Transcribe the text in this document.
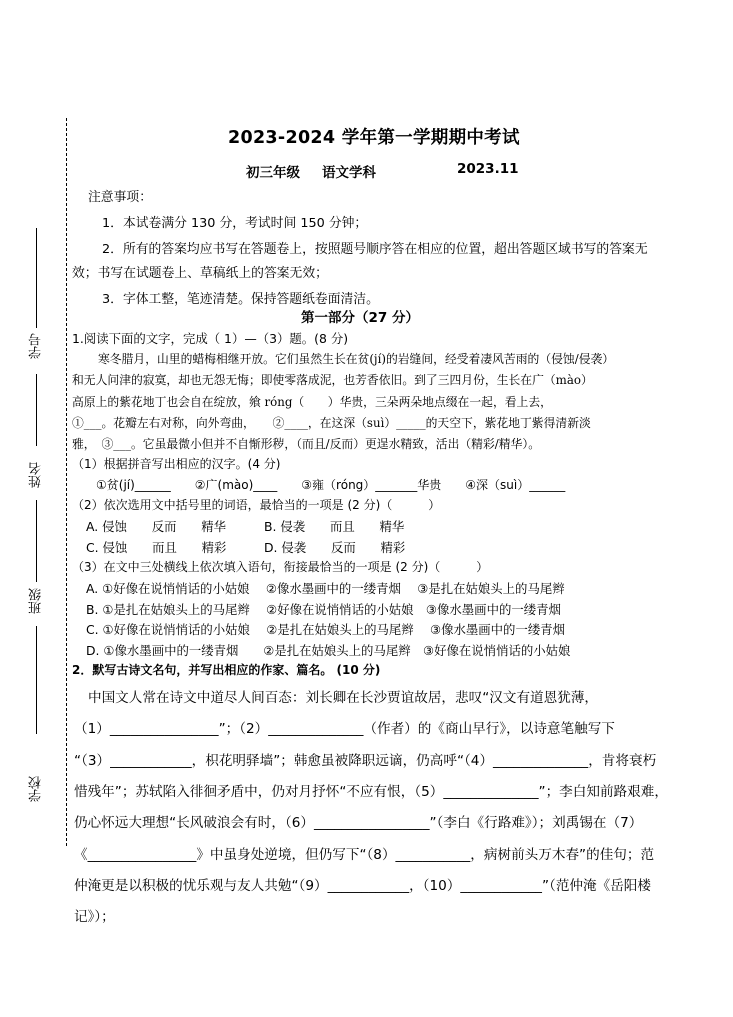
学号
姓名
班级
学校
2023-2024 学年第一学期期中考试
初三年级 语文学科	2023.11
注意事项：
1．本试卷满分 130 分，考试时间 150 分钟；
2．所有的答案均应书写在答题卷上，按照题号顺序答在相应的位置，超出答题区域书写的答案无
效；书写在试题卷上、草稿纸上的答案无效；
3．字体工整，笔迹清楚。保持答题纸卷面清洁。
第一部分（27 分）
1.阅读下面的文字，完成（ 1）—（3）题。(8 分)
寒冬腊月，山里的蜡梅相继开放。它们虽然生长在贫(jí)的岩缝间，经受着凄风苦雨的（侵蚀/侵袭）
和无人问津的寂寞，却也无怨无悔；即使零落成泥，也芳香依旧。到了三四月份，生长在广（mào）
高原上的紫花地丁也会自在绽放，飨 róng（　　）华贵，三朵两朵地点缀在一起，看上去，
①___。花瓣左右对称，向外弯曲，　　②____，在这深（suì）_____的天空下，紫花地丁紫得清新淡
雅，　③___。它虽最微小但并不自惭形秽，（而且/反而）更逞水精致，活出（精彩/精华）。
（1）根据拼音写出相应的汉字。(4 分)
①贫(jí)______　　②广(mào)____　　③雍（róng）_______华贵　　④深（suì）______
（2）依次选用文中括号里的词语，最恰当的一项是 (2 分)（　　　）
A. 侵蚀　　反而　　精华	B. 侵袭　　而且　　精华
C. 侵蚀　　而且　　精彩	D. 侵袭　　反而　　精彩
（3）在文中三处横线上依次填入语句，衔接最恰当的一项是 (2 分)（　　　）
A. ①好像在说悄悄话的小姑娘　 ②像水墨画中的一缕青烟　 ③是扎在姑娘头上的马尾辫
B. ①是扎在姑娘头上的马尾辫　 ②好像在说悄悄话的小姑娘　③像水墨画中的一缕青烟
C. ①好像在说悄悄话的小姑娘　 ②是扎在姑娘头上的马尾辫　 ③像水墨画中的一缕青烟
D. ①像水墨画中的一缕青烟　　②是扎在姑娘头上的马尾辫　③好像在说悄悄话的小姑娘
2．默写古诗文名句，并写出相应的作家、篇名。 (10 分)
中国文人常在诗文中道尽人间百态：刘长卿在长沙贾谊故居，悲叹“汉文有道恩犹薄，
（1）________________”；（2）______________（作者）的《商山早行》，以诗意笔触写下
“（3）____________，枳花明驿墙”；韩愈虽被降职远谪，仍高呼“（4）______________，肯将衰朽
惜残年”；苏轼陷入徘徊矛盾中，仍对月抒怀“不应有恨，（5）______________”；李白知前路艰难，
仍心怀远大理想“长风破浪会有时，（6）_________________”（李白《行路难》）；刘禹锡在（7）
《________________》中虽身处逆境，但仍写下“（8）___________，病树前头万木春”的佳句；范
仲淹更是以积极的忧乐观与友人共勉“（9）____________，（10）____________”（范仲淹《岳阳楼
记》）；
